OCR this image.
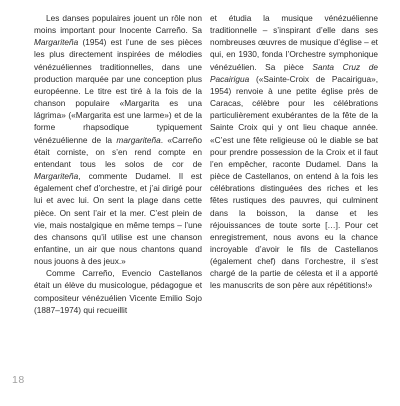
Les danses populaires jouent un rôle non moins important pour Inocente Carreño. Sa Margariteña (1954) est l’une de ses pièces les plus directement inspirées de mélodies vénézuéliennes traditionnelles, dans une production marquée par une conception plus européenne. Le titre est tiré à la fois de la chanson populaire «Margarita es una lágrima» («Margarita est une larme») et de la forme rhapsodique typiquement vénézuélienne de la margariteña. «Carreño était corniste, on s’en rend compte en entendant tous les solos de cor de Margariteña, commente Dudamel. Il est également chef d’orchestre, et j’ai dirigé pour lui et avec lui. On sent la plage dans cette pièce. On sent l’air et la mer. C’est plein de vie, mais nostalgique en même temps – l’une des chansons qu’il utilise est une chanson enfantine, un air que nous chantons quand nous jouons à des jeux.»

Comme Carreño, Evencio Castellanos était un élève du musicologue, pédagogue et compositeur vénézuélien Vicente Emilio Sojo (1887–1974) qui recueillit

et étudia la musique vénézuélienne traditionnelle – s’inspirant d’elle dans ses nombreuses œuvres de musique d’église – et qui, en 1930, fonda l’Orchestre symphonique vénézuélien. Sa pièce Santa Cruz de Pacairigua («Sainte-Croix de Pacairigua», 1954) renvoie à une petite église près de Caracas, célèbre pour les célébrations particulièrement exubérantes de la fête de la Sainte Croix qui y ont lieu chaque année. «C’est une fête religieuse où le diable se bat pour prendre possession de la Croix et il faut l’en empêcher, raconte Dudamel. Dans la pièce de Castellanos, on entend à la fois les célébrations distinguées des riches et les fêtes rustiques des pauvres, qui culminent dans la boisson, la danse et les réjouissances de toute sorte […]. Pour cet enregistrement, nous avons eu la chance incroyable d’avoir le fils de Castellanos (également chef) dans l’orchestre, il s’est chargé de la partie de célesta et il a apporté les manuscrits de son père aux répétitions!»

18
